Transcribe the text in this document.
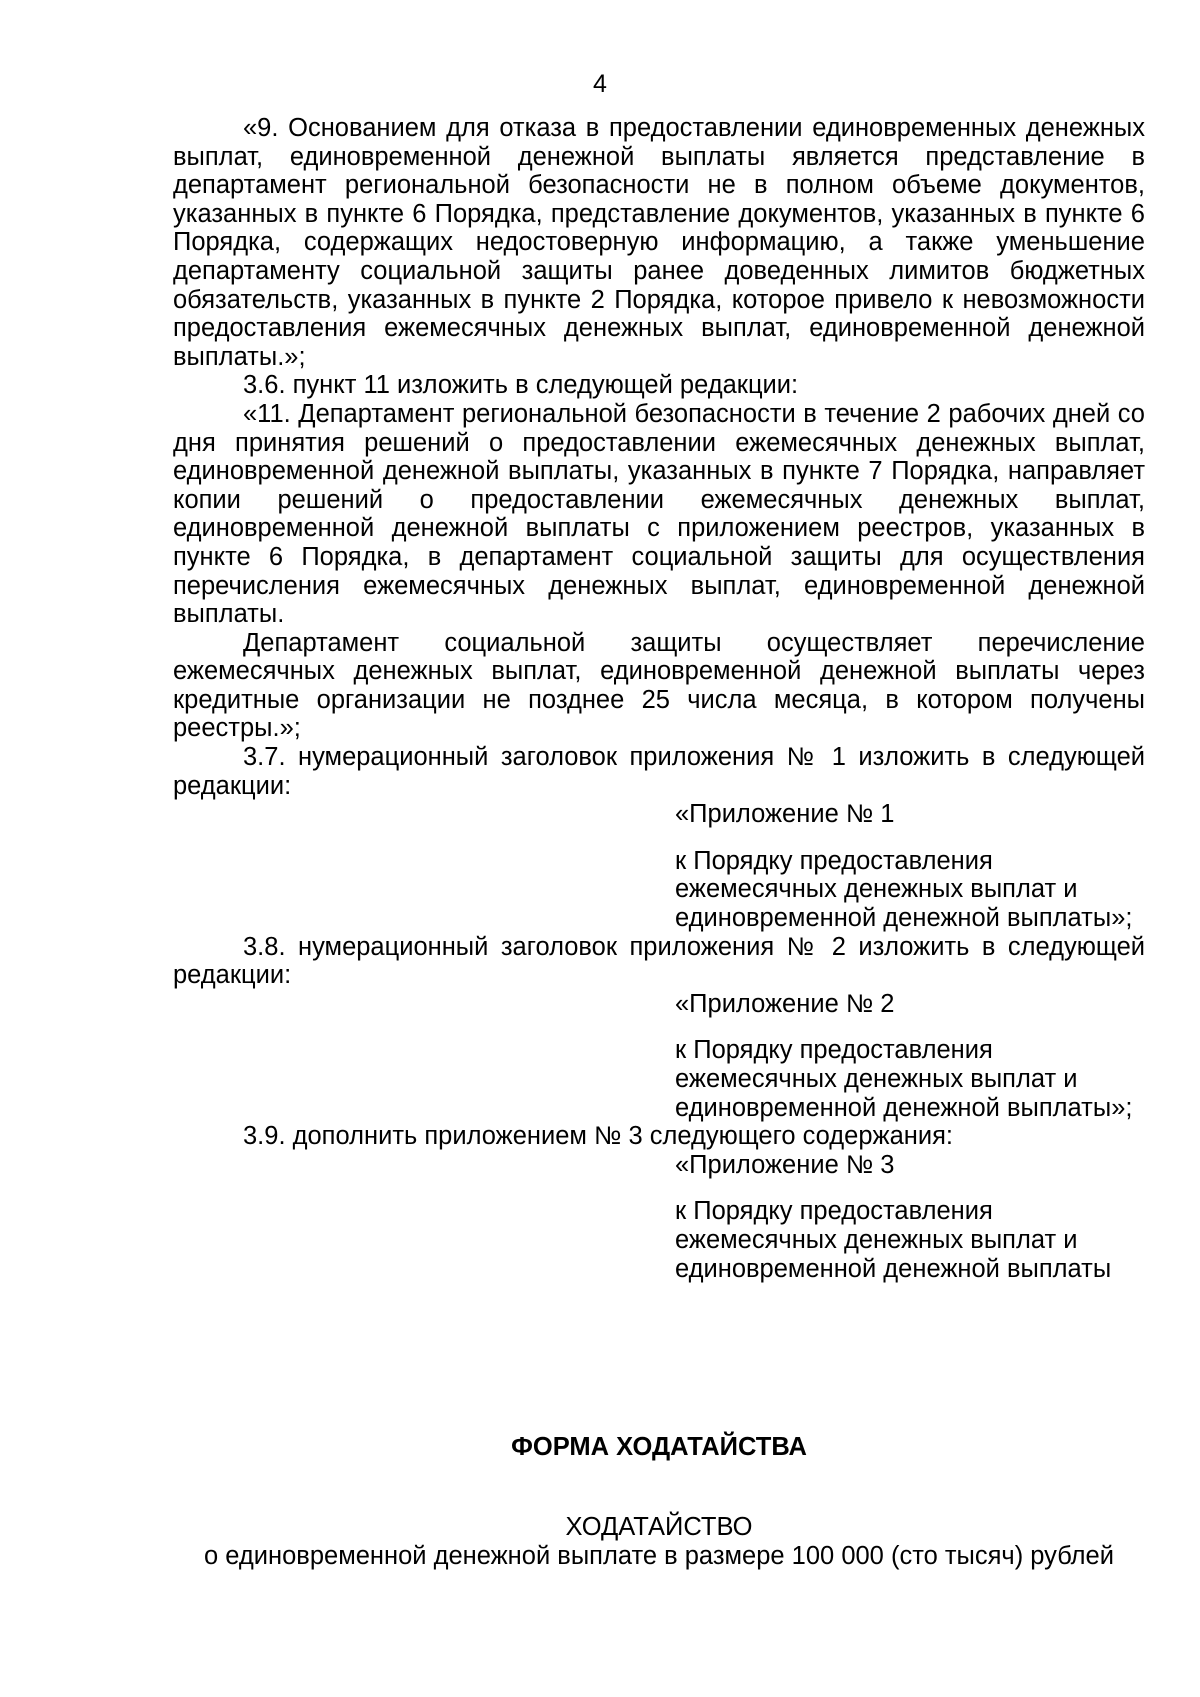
4

«9. Основанием для отказа в предоставлении единовременных денежных выплат, единовременной денежной выплаты является представление в департамент региональной безопасности не в полном объеме документов, указанных в пункте 6 Порядка, представление документов, указанных в пункте 6 Порядка, содержащих недостоверную информацию, а также уменьшение департаменту социальной защиты ранее доведенных лимитов бюджетных обязательств, указанных в пункте 2 Порядка, которое привело к невозможности предоставления ежемесячных денежных выплат, единовременной денежной выплаты.»;

3.6. пункт 11 изложить в следующей редакции:

«11. Департамент региональной безопасности в течение 2 рабочих дней со дня принятия решений о предоставлении ежемесячных денежных выплат, единовременной денежной выплаты, указанных в пункте 7 Порядка, направляет копии решений о предоставлении ежемесячных денежных выплат, единовременной денежной выплаты с приложением реестров, указанных в пункте 6 Порядка, в департамент социальной защиты для осуществления перечисления ежемесячных денежных выплат, единовременной денежной выплаты.

Департамент социальной защиты осуществляет перечисление ежемесячных денежных выплат, единовременной денежной выплаты через кредитные организации не позднее 25 числа месяца, в котором получены реестры.»;

3.7. нумерационный заголовок приложения № 1 изложить в следующей редакции:

«Приложение № 1

к Порядку предоставления ежемесячных денежных выплат и единовременной денежной выплаты»;

3.8. нумерационный заголовок приложения № 2 изложить в следующей редакции:

«Приложение № 2

к Порядку предоставления ежемесячных денежных выплат и единовременной денежной выплаты»;

3.9. дополнить приложением № 3 следующего содержания:

«Приложение № 3

к Порядку предоставления ежемесячных денежных выплат и единовременной денежной выплаты

ФОРМА ХОДАТАЙСТВА
ХОДАТАЙСТВО
о единовременной денежной выплате в размере 100 000 (сто тысяч) рублей
